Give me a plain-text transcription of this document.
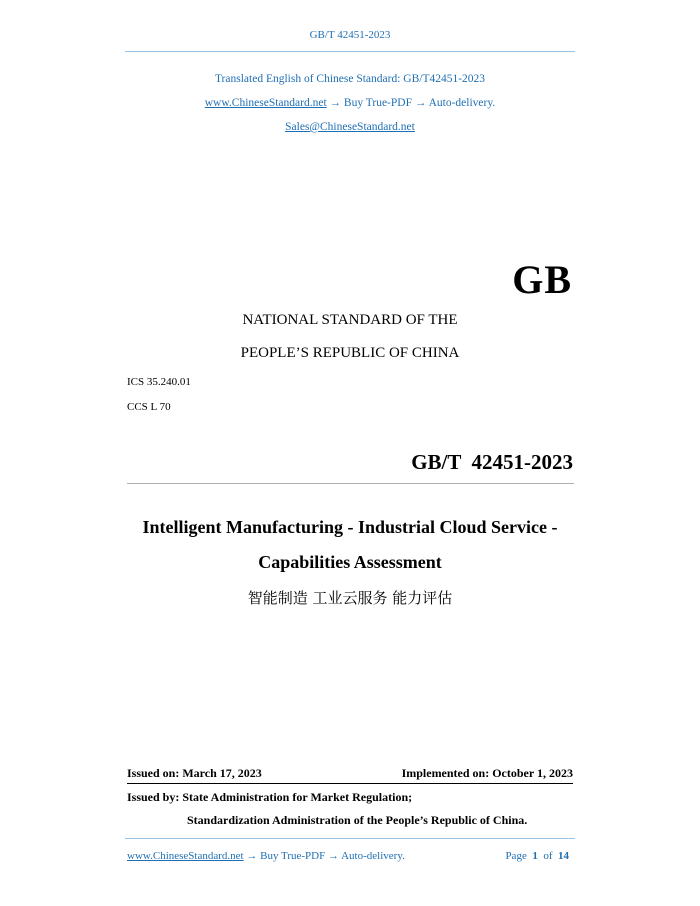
GB/T 42451-2023
Translated English of Chinese Standard: GB/T42451-2023
www.ChineseStandard.net → Buy True-PDF → Auto-delivery.
Sales@ChineseStandard.net
GB
NATIONAL STANDARD OF THE
PEOPLE’S REPUBLIC OF CHINA
ICS 35.240.01
CCS L 70
GB/T  42451-2023
Intelligent Manufacturing - Industrial Cloud Service -
Capabilities Assessment
智能制造 工业云服务 能力评估
Issued on: March 17, 2023	Implemented on: October 1, 2023
Issued by: State Administration for Market Regulation;
Standardization Administration of the People’s Republic of China.
www.ChineseStandard.net → Buy True-PDF → Auto-delivery.	Page 1 of 14
